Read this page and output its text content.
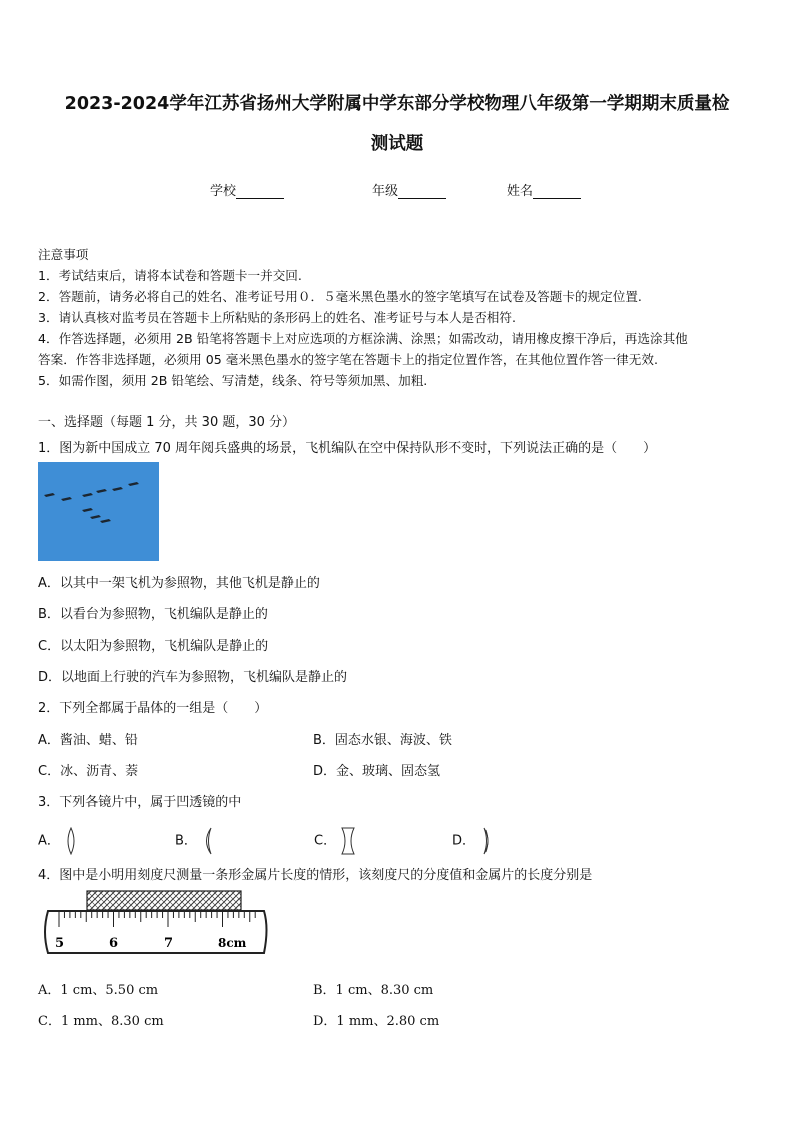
2023-2024学年江苏省扬州大学附属中学东部分学校物理八年级第一学期期末质量检
测试题
学校	年级	姓名
注意事项
1．考试结束后，请将本试卷和答题卡一并交回.
2．答题前，请务必将自己的姓名、准考证号用０．５毫米黑色墨水的签字笔填写在试卷及答题卡的规定位置.
3．请认真核对监考员在答题卡上所粘贴的条形码上的姓名、准考证号与本人是否相符.
4．作答选择题，必须用 2B 铅笔将答题卡上对应选项的方框涂满、涂黑；如需改动，请用橡皮擦干净后，再选涂其他
答案．作答非选择题，必须用 05 毫米黑色墨水的签字笔在答题卡上的指定位置作答，在其他位置作答一律无效.
5．如需作图，须用 2B 铅笔绘、写清楚，线条、符号等须加黑、加粗.
一、选择题（每题 1 分，共 30 题，30 分）
1．图为新中国成立 70 周年阅兵盛典的场景，飞机编队在空中保持队形不变时，下列说法正确的是（　　）
A．以其中一架飞机为参照物，其他飞机是静止的
B．以看台为参照物，飞机编队是静止的
C．以太阳为参照物，飞机编队是静止的
D．以地面上行驶的汽车为参照物，飞机编队是静止的
2．下列全都属于晶体的一组是（　　）
A．酱油、蜡、铅	B．固态水银、海波、铁
C．冰、沥青、萘	D．金、玻璃、固态氢
3．下列各镜片中，属于凹透镜的中
A．	B．	C．	D．
4．图中是小明用刻度尺测量一条形金属片长度的情形，该刻度尺的分度值和金属片的长度分别是
5	6	7	8cm
A．1 cm、5.50 cm	B．1 cm、8.30 cm
C．1 mm、8.30 cm	D．1 mm、2.80 cm
